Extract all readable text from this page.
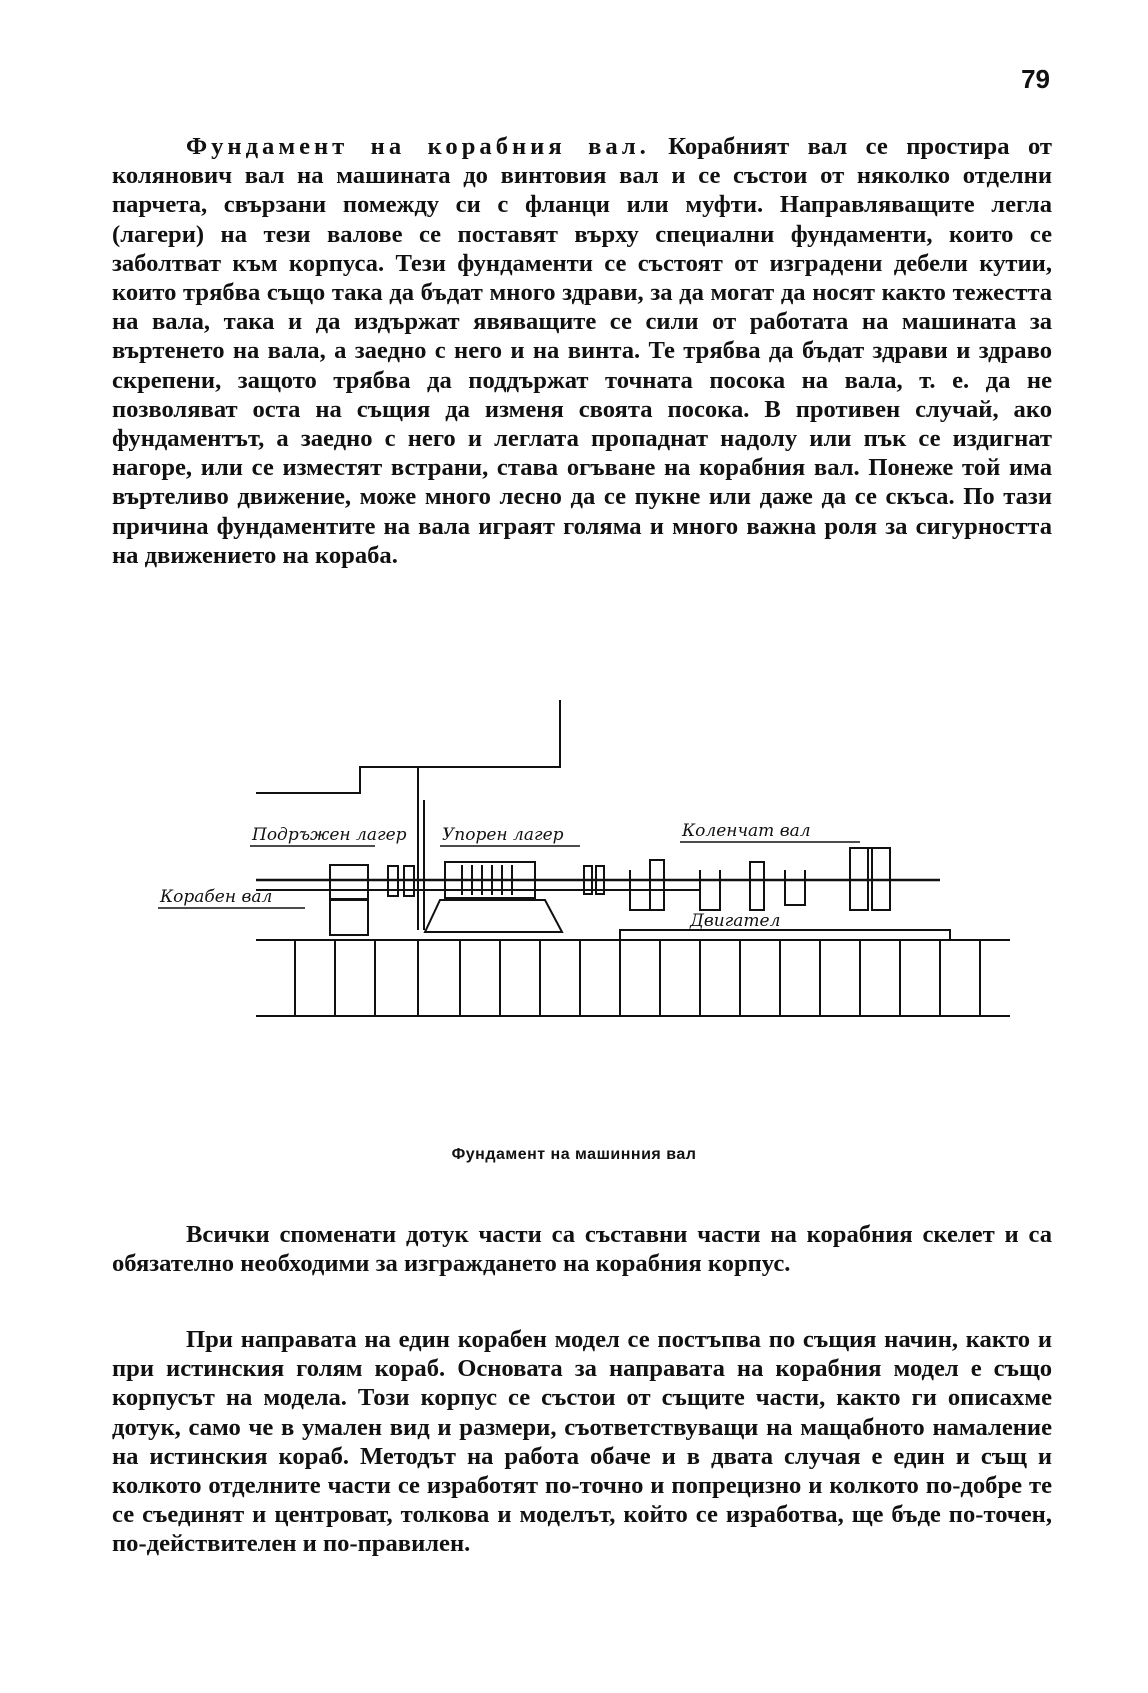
79

Фундамент на корабния вал. Корабният вал се простира от колянович вал на машината до винтовия вал и се състои от няколко отделни парчета, свързани помежду си с фланци или муфти. Направляващите легла (лагери) на тези валове се поставят върху специални фундаменти, които се заболтват към корпуса. Тези фундаменти се състоят от изградени дебели кутии, които трябва също така да бъдат много здрави, за да могат да носят както тежестта на вала, така и да издържат явяващите се сили от работата на машината за въртенето на вала, а заедно с него и на винта. Те трябва да бъдат здрави и здраво скрепени, защото трябва да поддържат точната посока на вала, т. е. да не позволяват оста на същия да изменя своята посока. В противен случай, ако фундаментът, а заедно с него и леглата пропаднат надолу или пък се издигнат нагоре, или се изместят встрани, става огъване на корабния вал. Понеже той има въртеливо движение, може много лесно да се пукне или даже да се скъса. По тази причина фундаментите на вала играят голяма и много важна роля за сигурността на движението на кораба.

Подръжен лагер Упорен лагер	Коленчат вал
Корабен вал
Двигател
Фундамент на машинния вал

Всички споменати дотук части са съставни части на корабния скелет и са обязателно необходими за изграждането на корабния корпус.

При направата на един корабен модел се постъпва по същия начин, както и при истинския голям кораб. Основата за направата на корабния модел е също корпусът на модела. Този корпус се състои от същите части, както ги описахме дотук, само че в умален вид и размери, съответствуващи на мащабното намаление на истинския кораб. Методът на работа обаче и в двата случая е един и същ и колкото отделните части се изработят по-точно и попрецизно и колкото по-добре те се съединят и центроват, толкова и моделът, който се изработва, ще бъде по-точен, по-действителен и по-правилен.
